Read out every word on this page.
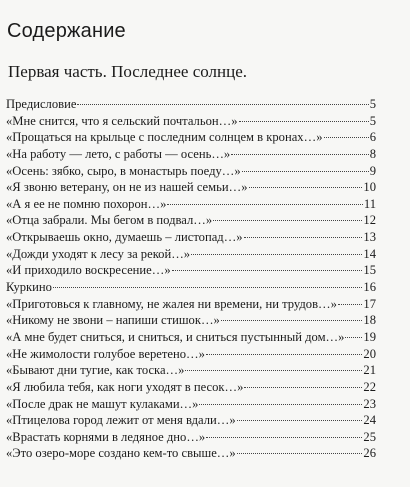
Содержание
Первая часть. Последнее солнце.
Предисловие	5
«Мне снится, что я сельский почтальон…»	5
«Прощаться на крыльце с последним солнцем в кронах…»	6
«На работу — лето, с работы — осень…»	8
«Осень: зябко, сыро, в монастырь поеду…»	9
«Я звоню ветерану, он не из нашей семьи…»	10
«А я ее не помню похорон…»	11
«Отца забрали. Мы бегом в подвал…»	12
«Открываешь окно, думаешь – листопад…»	13
«Дожди уходят к лесу за рекой…»	14
«И приходило воскресение…»	15
Куркино	16
«Приготовься к главному, не жалея ни времени, ни трудов…» 17
«Никому не звони – напиши стишок…»	18
«А мне будет сниться, и сниться, и сниться пустынный дом…» 19
«Не жимолости голубое веретено…»	20
«Бывают дни тугие, как тоска…»	21
«Я любила тебя, как ноги уходят в песок…»	22
«После драк не машут кулаками…»	23
«Птицелова город лежит от меня вдали…»	24
«Врастать корнями в ледяное дно…»	25
«Это озеро-море создано кем-то свыше…»	26
